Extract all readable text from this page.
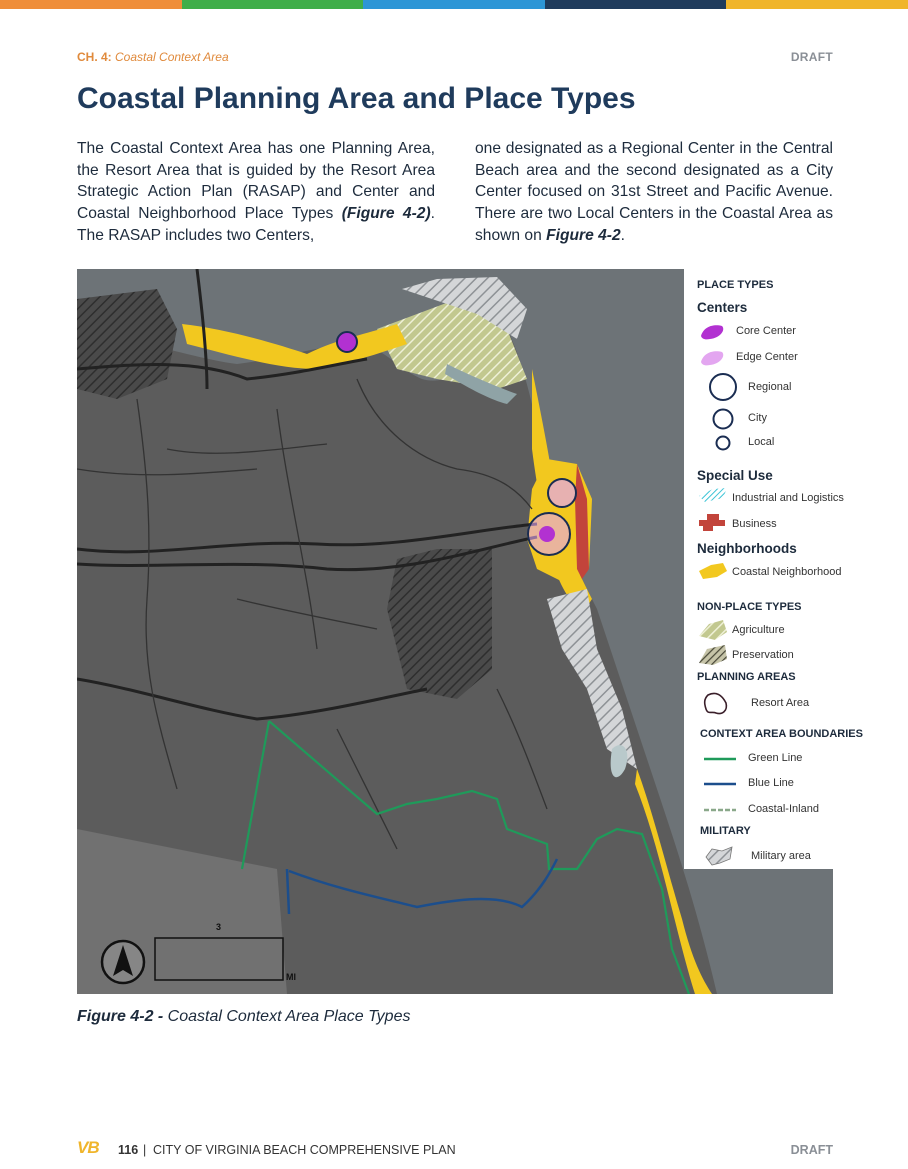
CH. 4: Coastal Context Area	DRAFT
Coastal Planning Area and Place Types
The Coastal Context Area has one Planning Area, the Resort Area that is guided by the Resort Area Strategic Action Plan (RASAP) and Center and Coastal Neighborhood Place Types (Figure 4-2). The RASAP includes two Centers,
one designated as a Regional Center in the Central Beach area and the second designated as a City Center focused on 31st Street and Pacific Avenue. There are two Local Centers in the Coastal Area as shown on Figure 4-2.
3
MI
PLACE TYPES
Centers
Core Center
Edge Center
Regional
City
Local
Special Use
Industrial and Logistics
Business
Neighborhoods
Coastal Neighborhood
NON-PLACE TYPES
Agriculture
Preservation
PLANNING AREAS
Resort Area
CONTEXT AREA BOUNDARIES
Green Line
Blue Line
Coastal-Inland
MILITARY
Military area
Figure 4-2 - Coastal Context Area Place Types
VB 116 | CITY OF VIRGINIA BEACH COMPREHENSIVE PLAN	DRAFT
